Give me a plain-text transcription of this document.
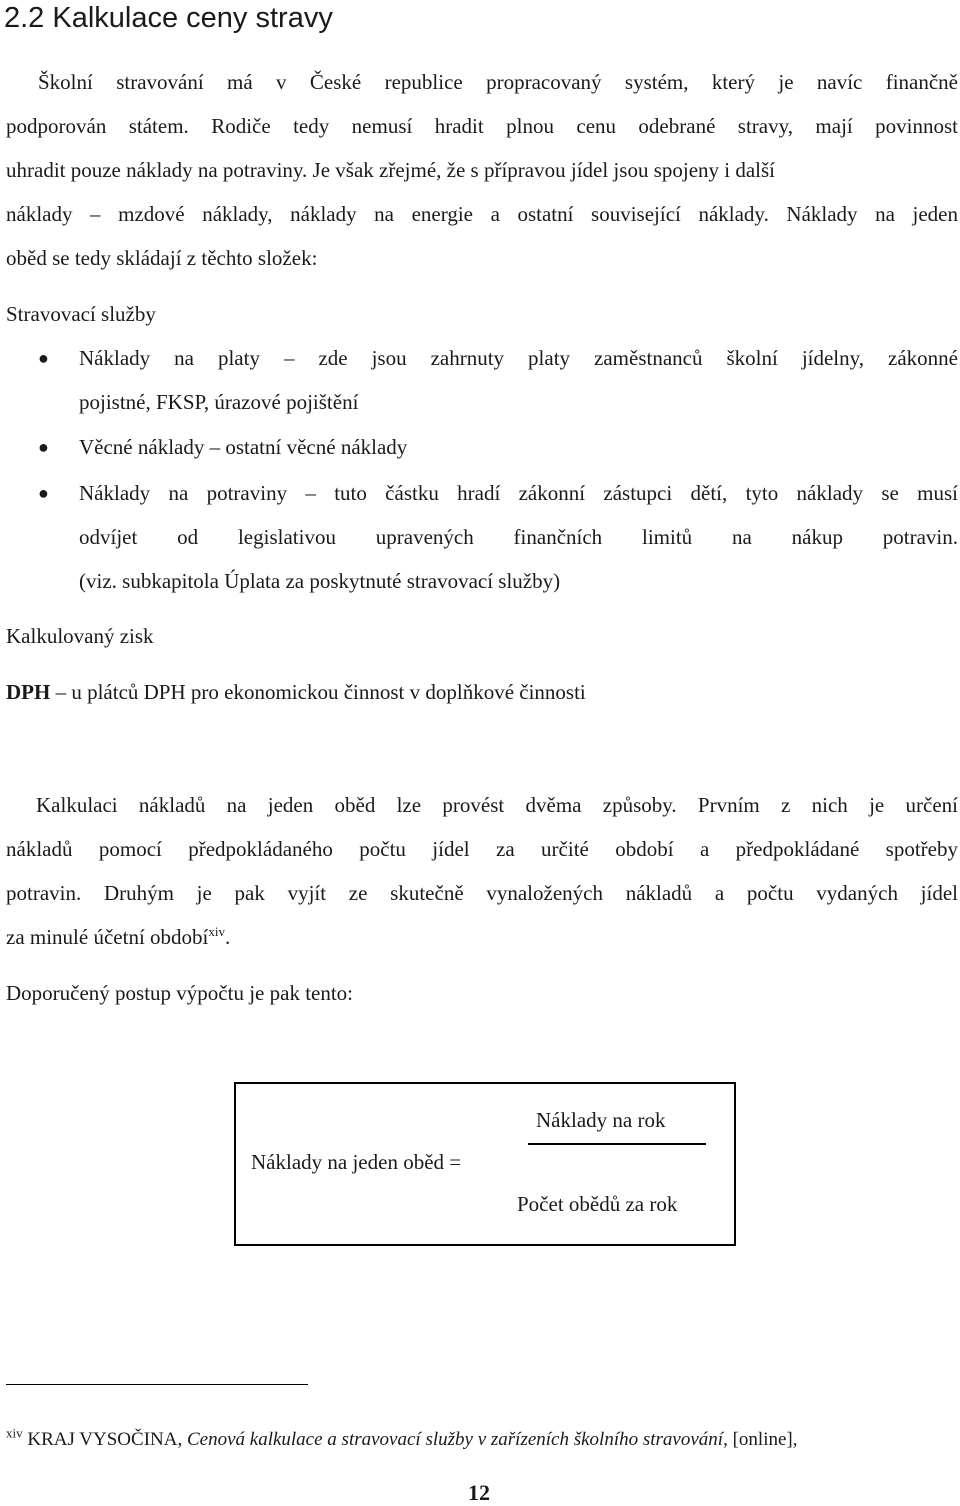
2.2 Kalkulace ceny stravy
Školní stravování má v České republice propracovaný systém, který je navíc finančně
podporován státem. Rodiče tedy nemusí hradit plnou cenu odebrané stravy, mají povinnost
uhradit pouze náklady na potraviny. Je však zřejmé, že s přípravou jídel jsou spojeny i další
náklady – mzdové náklady, náklady na energie a ostatní související náklady. Náklady na jeden
oběd se tedy skládají z těchto složek:
Stravovací služby
● Náklady na platy – zde jsou zahrnuty platy zaměstnanců školní jídelny, zákonné
pojistné, FKSP, úrazové pojištění
● Věcné náklady – ostatní věcné náklady
● Náklady na potraviny – tuto částku hradí zákonní zástupci dětí, tyto náklady se musí
odvíjet od legislativou upravených finančních limitů na nákup potravin.
(viz. subkapitola Úplata za poskytnuté stravovací služby)
Kalkulovaný zisk
DPH – u plátců DPH pro ekonomickou činnost v doplňkové činnosti
Kalkulaci nákladů na jeden oběd lze provést dvěma způsoby. Prvním z nich je určení
nákladů pomocí předpokládaného počtu jídel za určité období a předpokládané spotřeby
potravin. Druhým je pak vyjít ze skutečně vynaložených nákladů a počtu vydaných jídel
za minulé účetní období$^{xiv}$.
Doporučený postup výpočtu je pak tento:
Náklady na jeden oběd =
Náklady na rok
Počet obědů za rok
$^{xiv}$ KRAJ VYSOČINA, Cenová kalkulace a stravovací služby v zařízeních školního stravování, [online],
12
